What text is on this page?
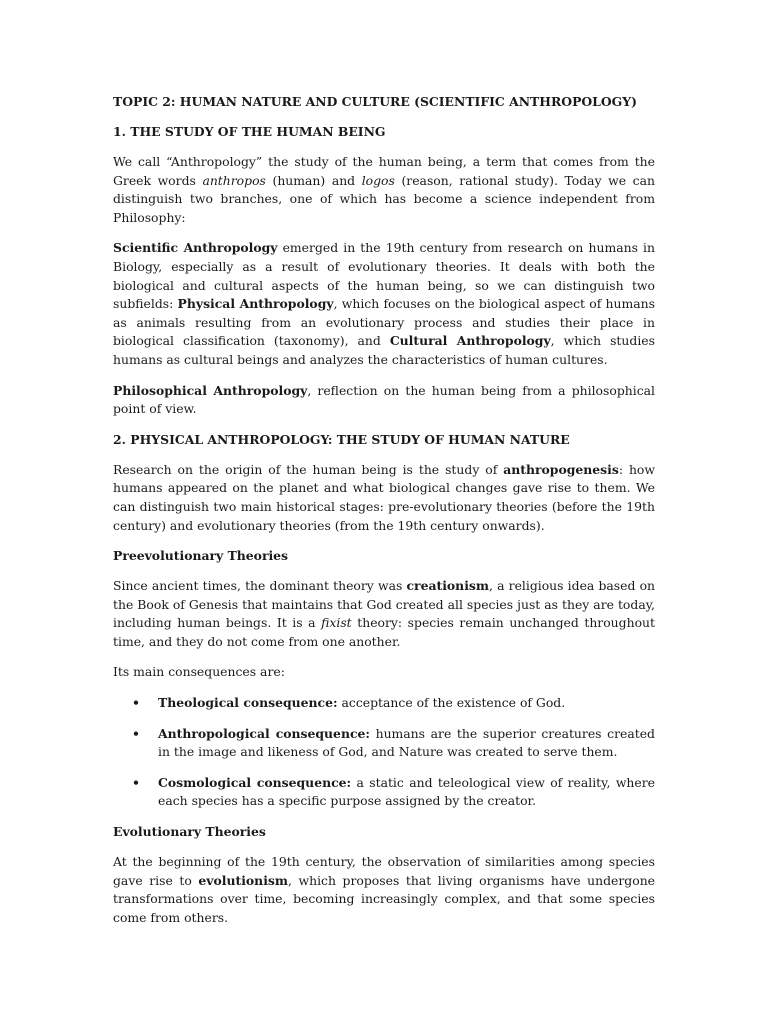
TOPIC 2: HUMAN NATURE AND CULTURE (SCIENTIFIC ANTHROPOLOGY)

1. THE STUDY OF THE HUMAN BEING

We call “Anthropology” the study of the human being, a term that comes from the Greek words anthropos (human) and logos (reason, rational study). Today we can distinguish two branches, one of which has become a science independent from Philosophy:

Scientific Anthropology emerged in the 19th century from research on humans in Biology, especially as a result of evolutionary theories. It deals with both the biological and cultural aspects of the human being, so we can distinguish two subfields: Physical Anthropology, which focuses on the biological aspect of humans as animals resulting from an evolutionary process and studies their place in biological classification (taxonomy), and Cultural Anthropology, which studies humans as cultural beings and analyzes the characteristics of human cultures.

Philosophical Anthropology, reflection on the human being from a philosophical point of view.

2. PHYSICAL ANTHROPOLOGY: THE STUDY OF HUMAN NATURE

Research on the origin of the human being is the study of anthropogenesis: how humans appeared on the planet and what biological changes gave rise to them. We can distinguish two main historical stages: pre-evolutionary theories (before the 19th century) and evolutionary theories (from the 19th century onwards).

Preevolutionary Theories

Since ancient times, the dominant theory was creationism, a religious idea based on the Book of Genesis that maintains that God created all species just as they are today, including human beings. It is a fixist theory: species remain unchanged throughout time, and they do not come from one another.

Its main consequences are:

• Theological consequence: acceptance of the existence of God.
• Anthropological consequence: humans are the superior creatures created in the image and likeness of God, and Nature was created to serve them.
• Cosmological consequence: a static and teleological view of reality, where each species has a specific purpose assigned by the creator.

Evolutionary Theories

At the beginning of the 19th century, the observation of similarities among species gave rise to evolutionism, which proposes that living organisms have undergone transformations over time, becoming increasingly complex, and that some species come from others.
